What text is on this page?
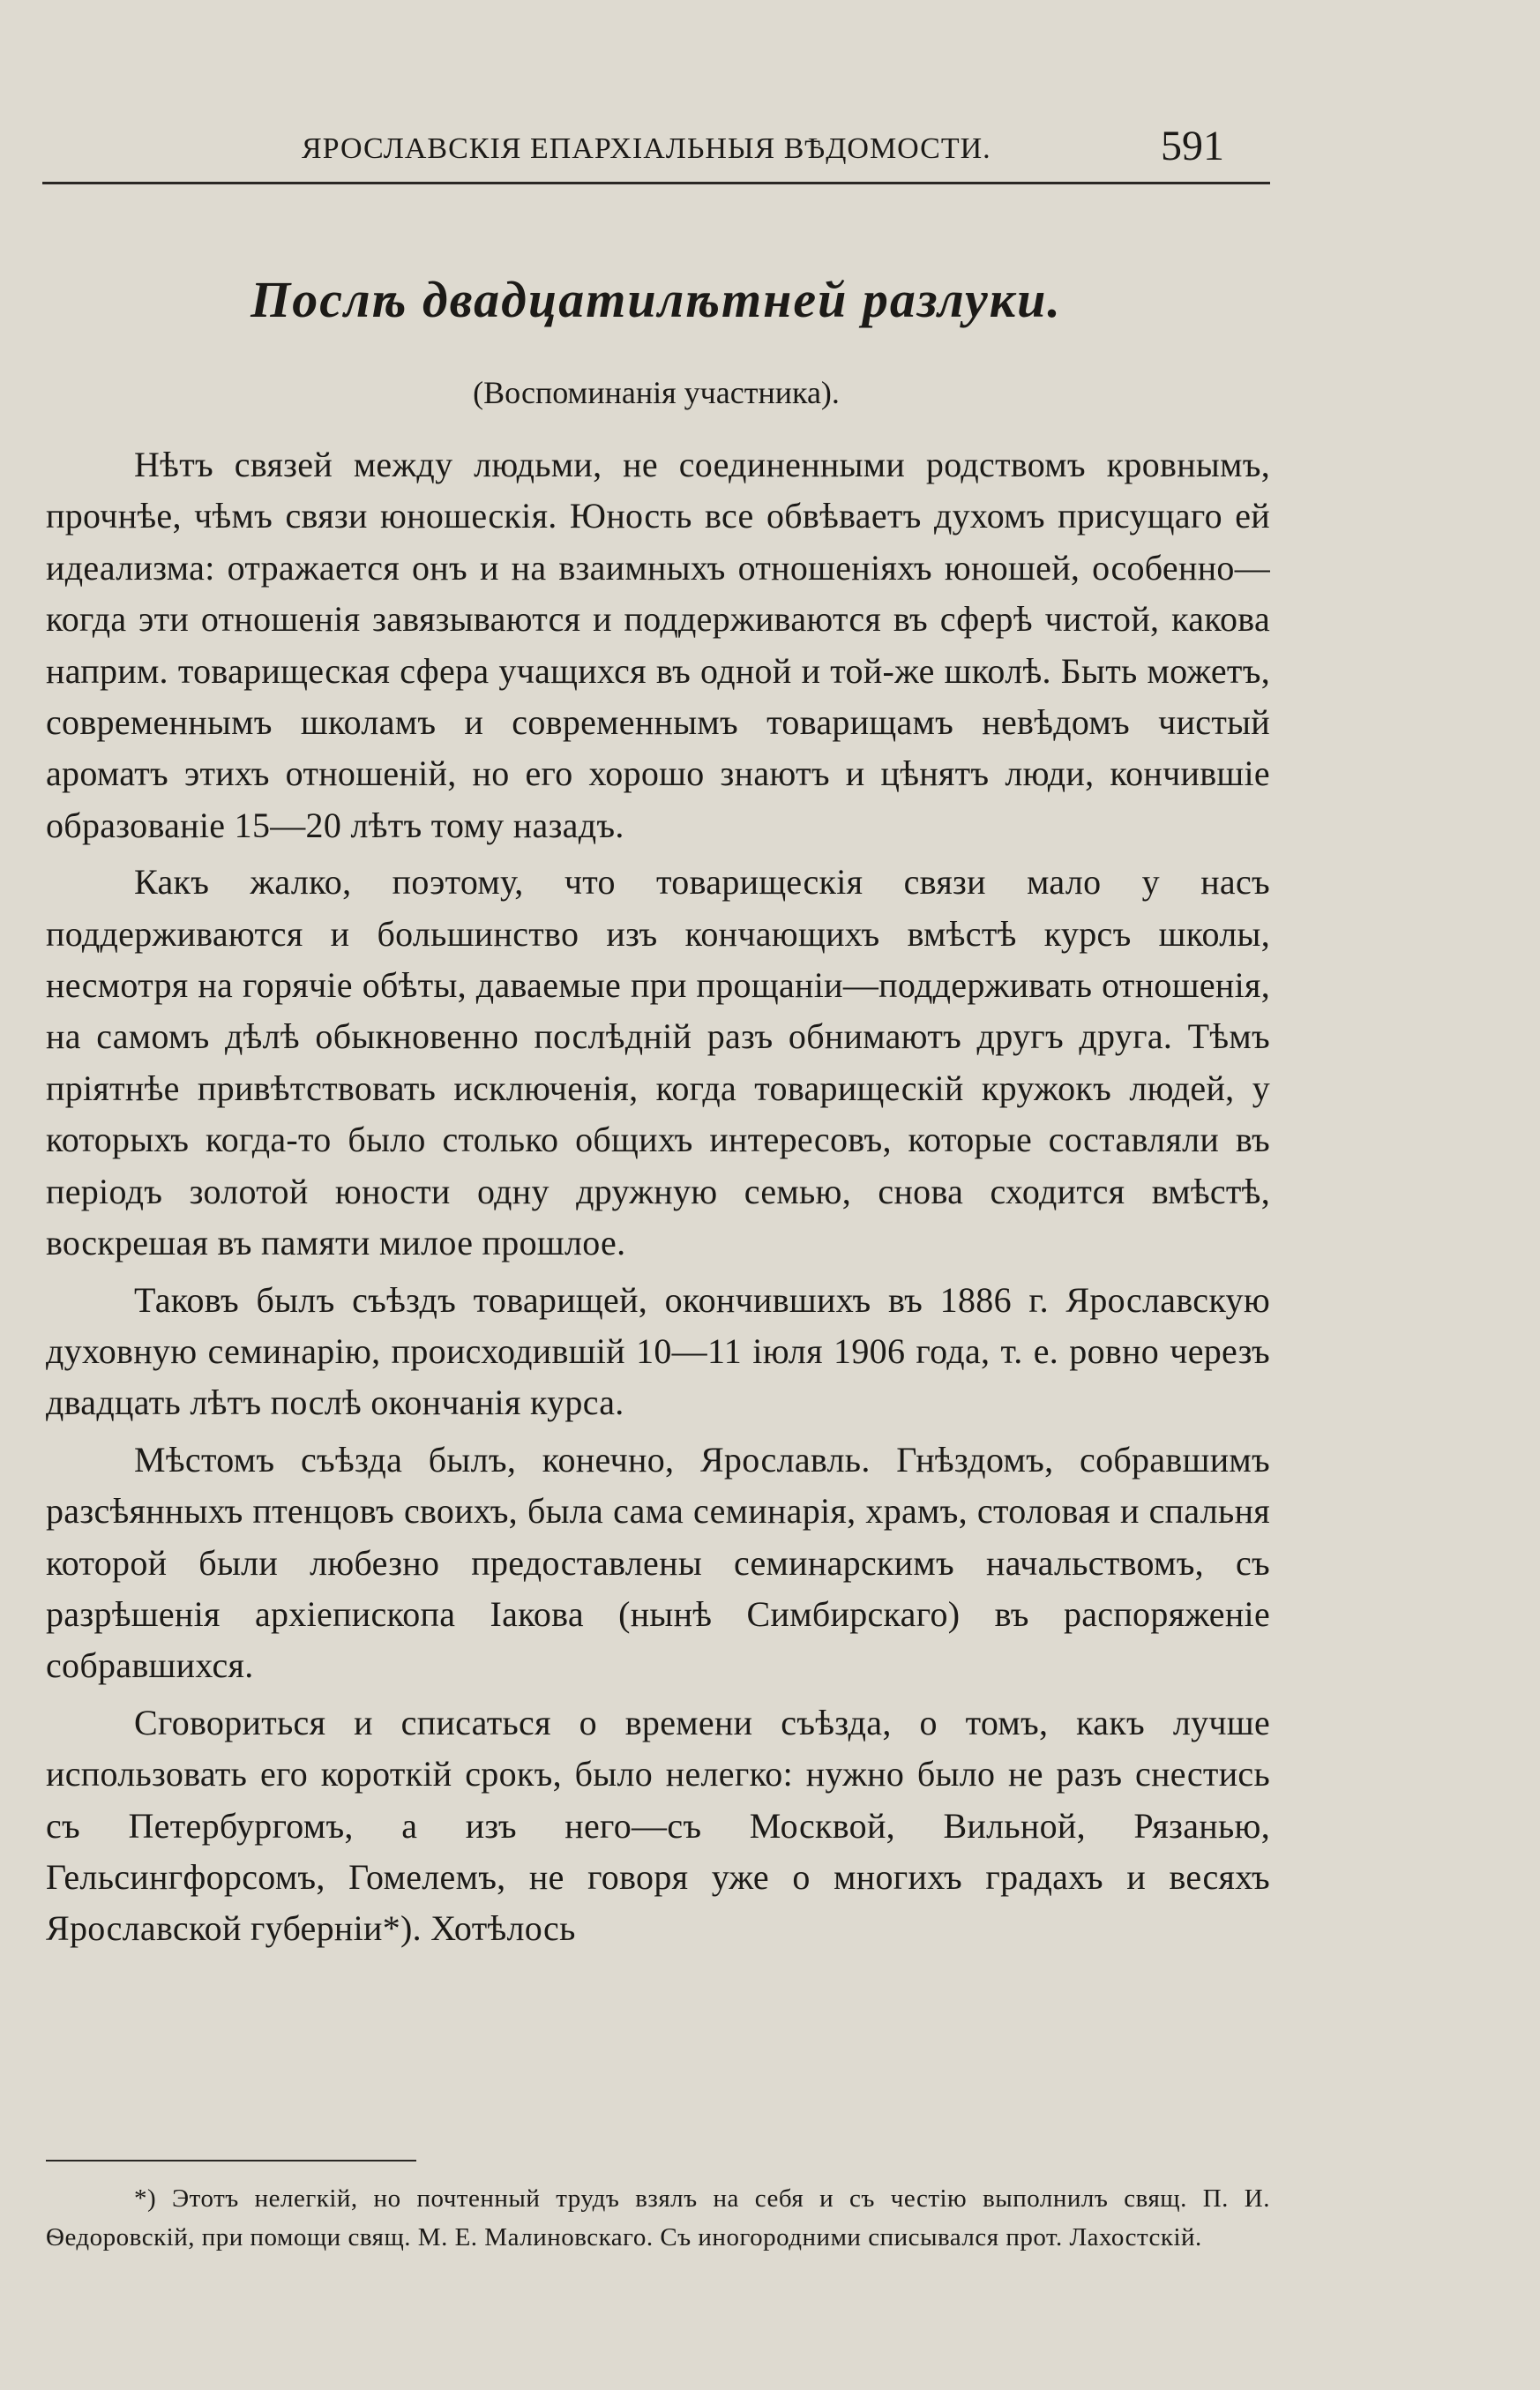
ЯРОСЛАВСКІЯ ЕПАРХІАЛЬНЫЯ ВѢДОМОСТИ.	591
Послѣ двадцатилѣтней разлуки.
(Воспоминанія участника).

Нѣтъ связей между людьми, не соединенными родствомъ кровнымъ, прочнѣе, чѣмъ связи юношескія. Юность все обвѣваетъ духомъ присущаго ей идеализма: отражается онъ и на взаимныхъ отношеніяхъ юношей, особенно—когда эти отношенія завязываются и поддерживаются въ сферѣ чистой, какова наприм. товарищеская сфера учащихся въ одной и той-же школѣ. Быть можетъ, современнымъ школамъ и современнымъ товарищамъ невѣдомъ чистый ароматъ этихъ отношеній, но его хорошо знаютъ и цѣнятъ люди, кончившіе образованіе 15—20 лѣтъ тому назадъ.

Какъ жалко, поэтому, что товарищескія связи мало у насъ поддерживаются и большинство изъ кончающихъ вмѣстѣ курсъ школы, несмотря на горячіе обѣты, даваемые при прощаніи—поддерживать отношенія, на самомъ дѣлѣ обыкновенно послѣдній разъ обнимаютъ другъ друга. Тѣмъ пріятнѣе привѣтствовать исключенія, когда товарищескій кружокъ людей, у которыхъ когда-то было столько общихъ интересовъ, которые составляли въ періодъ золотой юности одну дружную семью, снова сходится вмѣстѣ, воскрешая въ памяти милое прошлое.

Таковъ былъ съѣздъ товарищей, окончившихъ въ 1886 г. Ярославскую духовную семинарію, происходившій 10—11 іюля 1906 года, т. е. ровно черезъ двадцать лѣтъ послѣ окончанія курса.

Мѣстомъ съѣзда былъ, конечно, Ярославль. Гнѣздомъ, собравшимъ разсѣянныхъ птенцовъ своихъ, была сама семинарія, храмъ, столовая и спальня которой были любезно предоставлены семинарскимъ начальствомъ, съ разрѣшенія архіепископа Іакова (нынѣ Симбирскаго) въ распоряженіе собравшихся.

Сговориться и списаться о времени съѣзда, о томъ, какъ лучше использовать его короткій срокъ, было нелегко: нужно было не разъ снестись съ Петербургомъ, а изъ него—съ Москвой, Вильной, Рязанью, Гельсингфорсомъ, Гомелемъ, не говоря уже о многихъ градахъ и весяхъ Ярославской губерніи*). Хотѣлось

*) Этотъ нелегкій, но почтенный трудъ взялъ на себя и съ честію выполнилъ свящ. П. И. Ѳедоровскій, при помощи свящ. М. Е. Малиновскаго. Съ иногородними списывался прот. Лахостскій.
